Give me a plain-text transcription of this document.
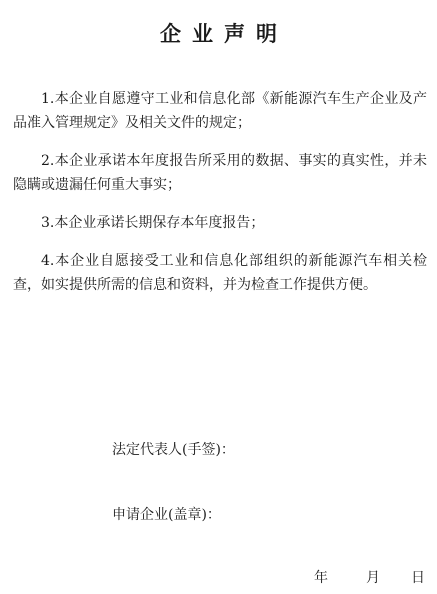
企业声明

1.本企业自愿遵守工业和信息化部《新能源汽车生产企业及产品准入管理规定》及相关文件的规定；

2.本企业承诺本年度报告所采用的数据、事实的真实性，并未隐瞒或遗漏任何重大事实；

3.本企业承诺长期保存本年度报告；

4.本企业自愿接受工业和信息化部组织的新能源汽车相关检查，如实提供所需的信息和资料，并为检查工作提供方便。

法定代表人(手签)：
申请企业(盖章)：
年	月 日
